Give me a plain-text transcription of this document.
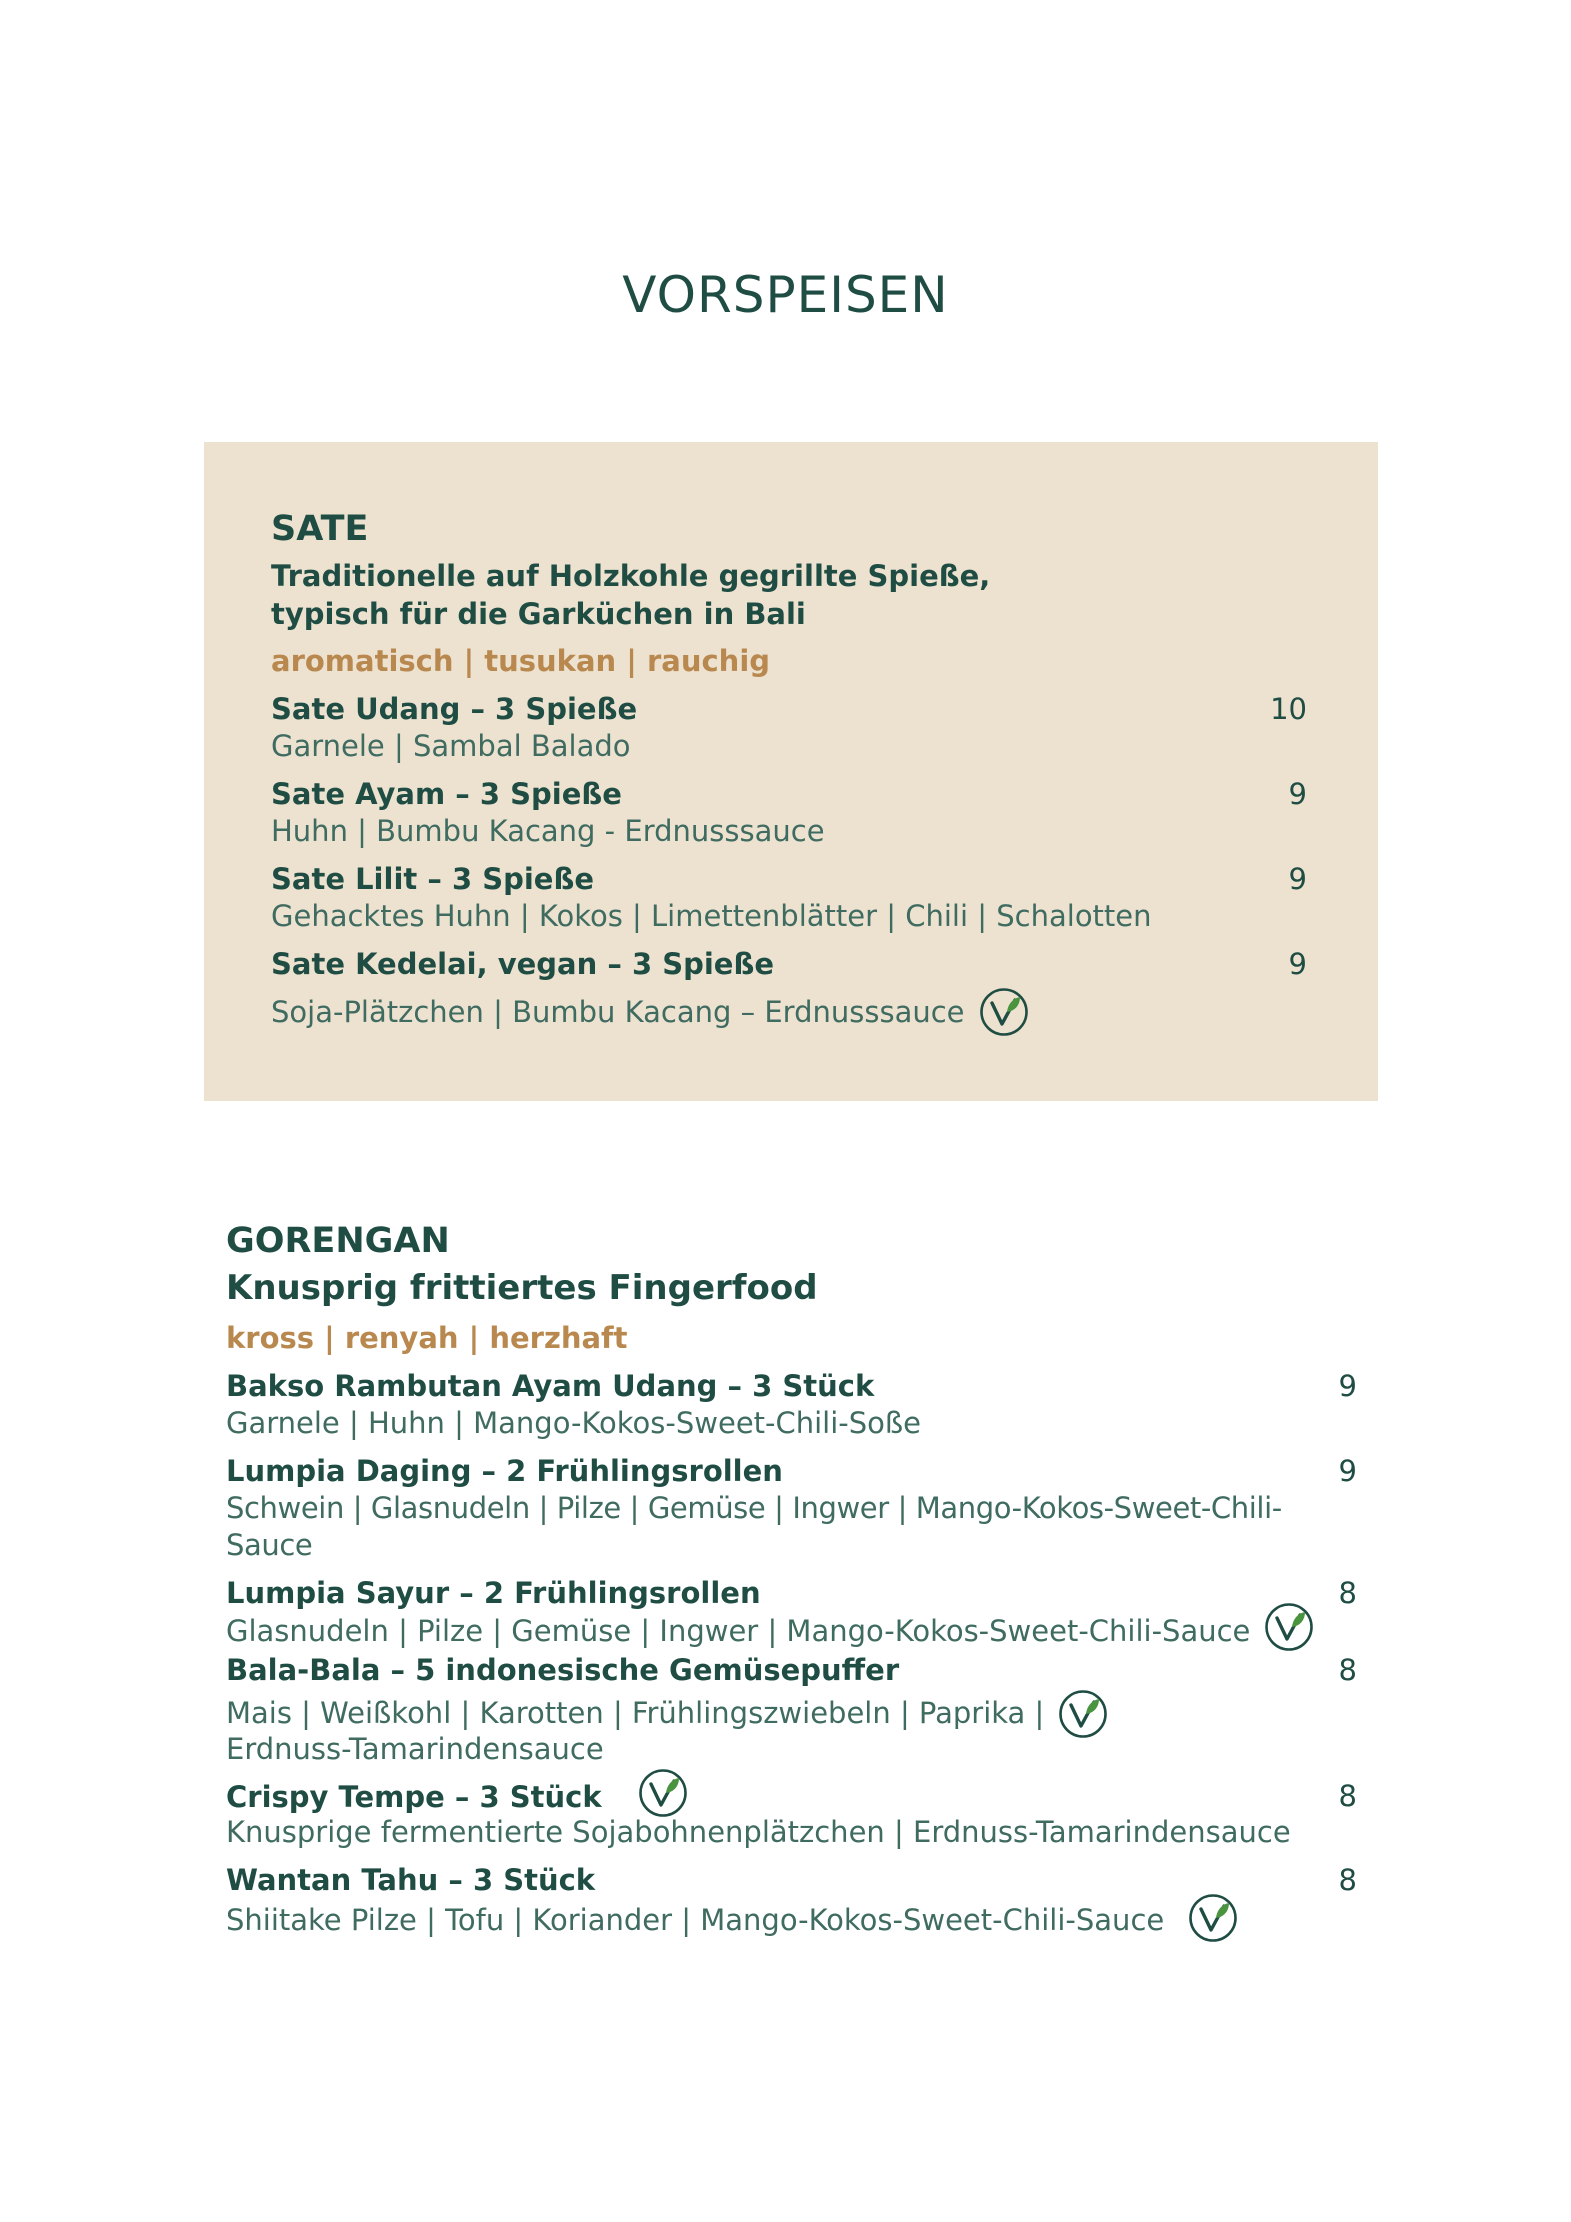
VORSPEISEN
SATE
Traditionelle auf Holzkohle gegrillte Spieße,
typisch für die Garküchen in Bali
aromatisch | tusukan | rauchig
Sate Udang – 3 Spieße
Garnele | Sambal Balado
10
Sate Ayam – 3 Spieße
Huhn | Bumbu Kacang - Erdnusssauce
9
Sate Lilit – 3 Spieße
Gehacktes Huhn | Kokos | Limettenblätter | Chili | Schalotten
9
Sate Kedelai, vegan – 3 Spieße
Soja-Plätzchen | Bumbu Kacang – Erdnusssauce
9
GORENGAN
Knusprig frittiertes Fingerfood
kross | renyah | herzhaft
Bakso Rambutan Ayam Udang – 3 Stück
Garnele | Huhn | Mango-Kokos-Sweet-Chili-Soße
9
Lumpia Daging – 2 Frühlingsrollen
Schwein | Glasnudeln | Pilze | Gemüse | Ingwer | Mango-Kokos-Sweet-Chili-Sauce
9
Lumpia Sayur – 2 Frühlingsrollen
Glasnudeln | Pilze | Gemüse | Ingwer | Mango-Kokos-Sweet-Chili-Sauce
8
Bala-Bala – 5 indonesische Gemüsepuffer
Mais | Weißkohl | Karotten | Frühlingszwiebeln | Paprika |
Erdnuss-Tamarindensauce
8
Crispy Tempe – 3 Stück
Knusprige fermentierte Sojabohnenplätzchen | Erdnuss-Tamarindensauce
8
Wantan Tahu – 3 Stück
Shiitake Pilze | Tofu | Koriander | Mango-Kokos-Sweet-Chili-Sauce
8
